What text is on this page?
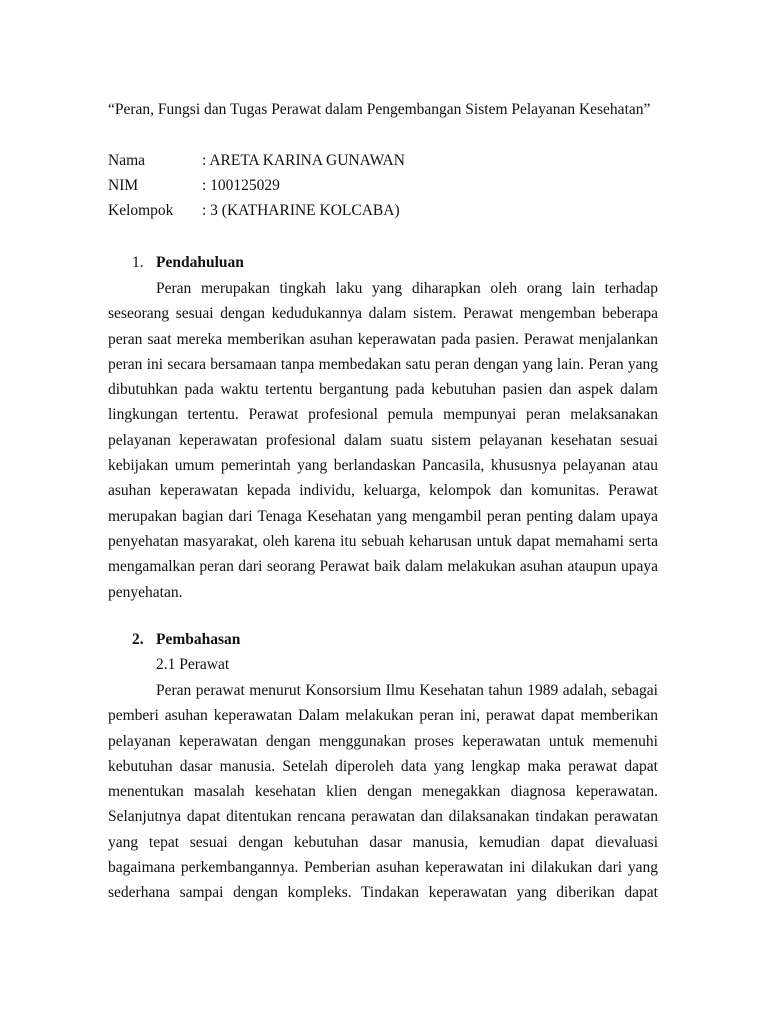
“Peran, Fungsi dan Tugas Perawat dalam Pengembangan Sistem Pelayanan Kesehatan”
Nama	: ARETA KARINA GUNAWAN
NIM	: 100125029
Kelompok : 3 (KATHARINE KOLCABA)
1. Pendahuluan

Peran merupakan tingkah laku yang diharapkan oleh orang lain terhadap seseorang sesuai dengan kedudukannya dalam sistem. Perawat mengemban beberapa peran saat mereka memberikan asuhan keperawatan pada pasien. Perawat menjalankan peran ini secara bersamaan tanpa membedakan satu peran dengan yang lain. Peran yang dibutuhkan pada waktu tertentu bergantung pada kebutuhan pasien dan aspek dalam lingkungan tertentu. Perawat profesional pemula mempunyai peran melaksanakan pelayanan keperawatan profesional dalam suatu sistem pelayanan kesehatan sesuai kebijakan umum pemerintah yang berlandaskan Pancasila, khususnya pelayanan atau asuhan keperawatan kepada individu, keluarga, kelompok dan komunitas. Perawat merupakan bagian dari Tenaga Kesehatan yang mengambil peran penting dalam upaya penyehatan masyarakat, oleh karena itu sebuah keharusan untuk dapat memahami serta mengamalkan peran dari seorang Perawat baik dalam melakukan asuhan ataupun upaya penyehatan.

2. Pembahasan
2.1 Perawat

Peran perawat menurut Konsorsium Ilmu Kesehatan tahun 1989 adalah, sebagai pemberi asuhan keperawatan Dalam melakukan peran ini, perawat dapat memberikan pelayanan keperawatan dengan menggunakan proses keperawatan untuk memenuhi kebutuhan dasar manusia. Setelah diperoleh data yang lengkap maka perawat dapat menentukan masalah kesehatan klien dengan menegakkan diagnosa keperawatan. Selanjutnya dapat ditentukan rencana perawatan dan dilaksanakan tindakan perawatan yang tepat sesuai dengan kebutuhan dasar manusia, kemudian dapat dievaluasi bagaimana perkembangannya. Pemberian asuhan keperawatan ini dilakukan dari yang sederhana sampai dengan kompleks. Tindakan keperawatan yang diberikan dapat
